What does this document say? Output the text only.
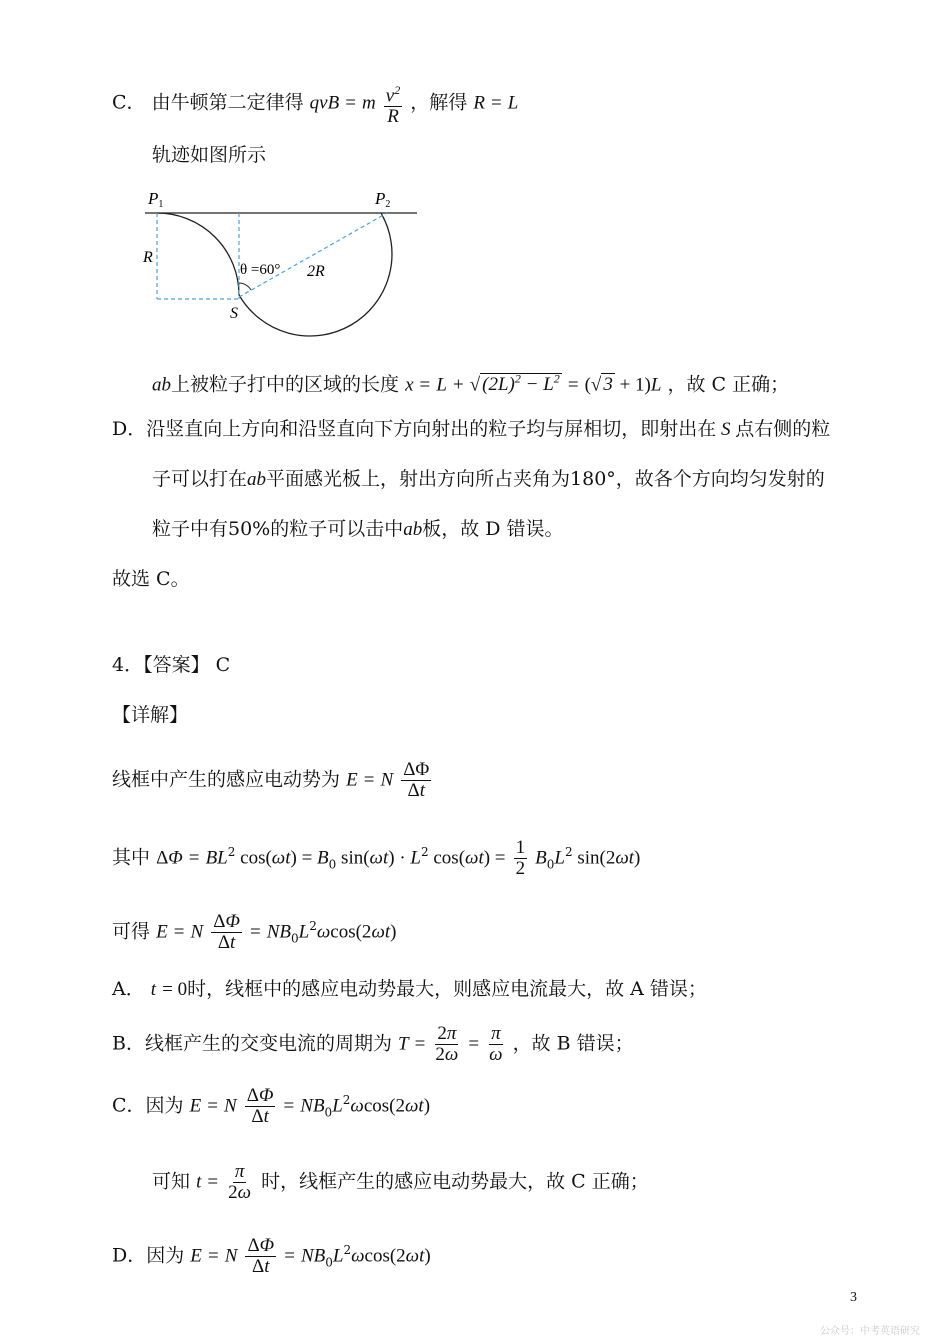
C． 由牛顿第二定律得 qvB = m $\frac{v^2}{R}$ ，解得 R = L
轨迹如图所示
P1	P2
R
θ =60° 2R
S
ab上被粒子打中的区域的长度 x = L + √ $(2L)^2 - L^2$ = (√ 3 + 1)L ，故 C 正确；
D．沿竖直向上方向和沿竖直向下方向射出的粒子均与屏相切，即射出在 S 点右侧的粒
子可以打在ab平面感光板上，射出方向所占夹角为180°，故各个方向均匀发射的
粒子中有50%的粒子可以击中ab板，故 D 错误。
故选 C。
4．【答案】 C
【详解】
线框中产生的感应电动势为 E = N $\frac{\Delta\Phi}{\Delta t}$
其中 $\Delta\Phi = BL^2$ $\cos(\omega t) = B_0$ $\sin(\omega t) \cdot L^2$ $\cos(\omega t) = \frac{1}{2} B_0L^2$ sin(2ωt)
可得 E = N $\frac{\Delta\Phi}{\Delta t} = NB_0L^2\omega\cos(2\omega t)$
A． t = 0时，线框中的感应电动势最大，则感应电流最大，故 A 错误；
B．线框产生的交变电流的周期为 $T = \frac{2\pi}{2\omega} = \frac{\pi}{\omega}$ ，故 B 错误；
C．因为 E = N $\frac{\Delta\Phi}{\Delta t} = NB_0L^2\omega\cos(2\omega t)$
可知 $t = \frac{\pi}{2\omega}$ 时，线框产生的感应电动势最大，故 C 正确；
D．因为 E = N $\frac{\Delta\Phi}{\Delta t} = NB_0L^2\omega\cos(2\omega t)$
3
公众号：中考英语研究
